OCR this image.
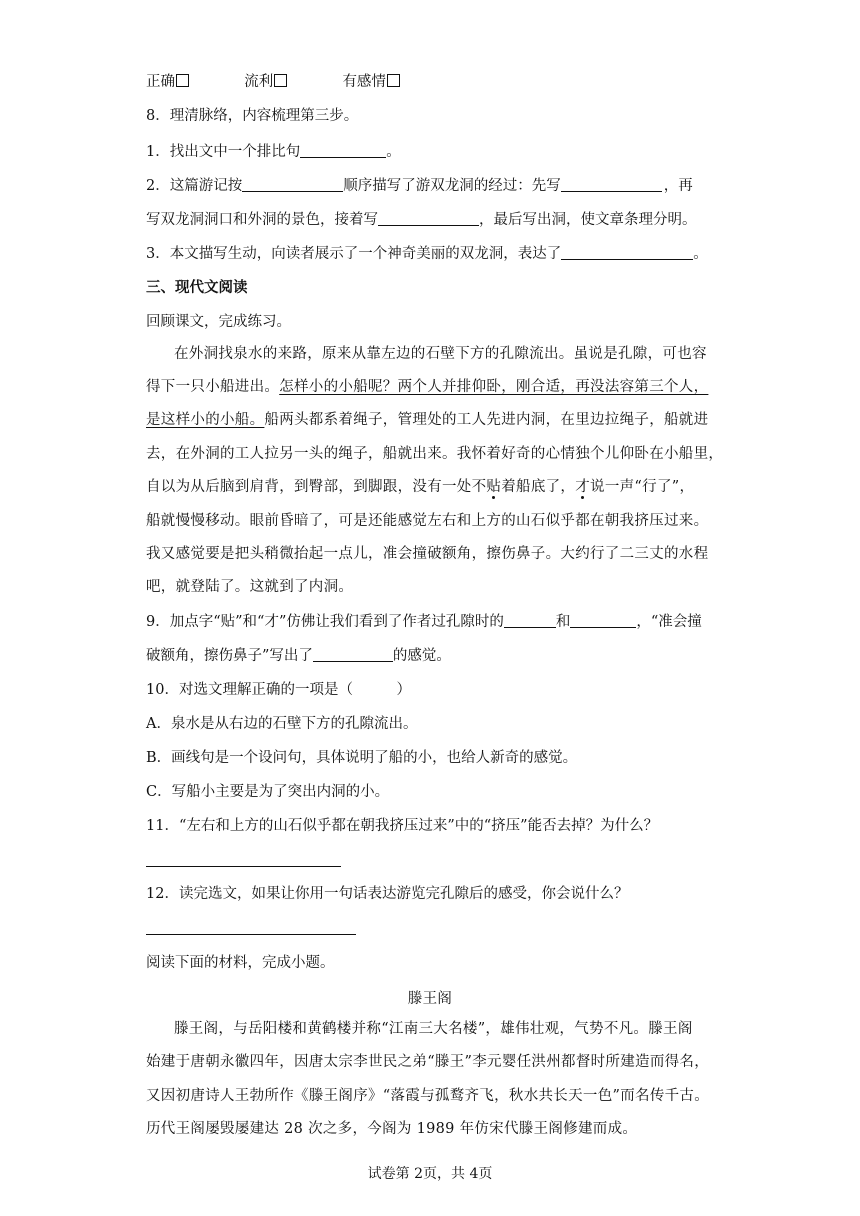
正确	流利	有感情
8．理清脉络，内容梳理第三步。
1．找出文中一个排比句	。
2．这篇游记按	顺序描写了游双龙洞的经过：先写	，再
写双龙洞洞口和外洞的景色，接着写	，最后写出洞，使文章条理分明。
3．本文描写生动，向读者展示了一个神奇美丽的双龙洞，表达了	。
三、现代文阅读
回顾课文，完成练习。
在外洞找泉水的来路，原来从靠左边的石壁下方的孔隙流出。虽说是孔隙，可也容
得下一只小船进出。怎样小的小船呢？两个人并排仰卧，刚合适，再没法容第三个人，
是这样小的小船。船两头都系着绳子，管理处的工人先进内洞，在里边拉绳子，船就进
去，在外洞的工人拉另一头的绳子，船就出来。我怀着好奇的心情独个儿仰卧在小船里，
自以为从后脑到肩背，到臀部，到脚跟，没有一处不贴着船底了，才说一声“行了”，
船就慢慢移动。眼前昏暗了，可是还能感觉左右和上方的山石似乎都在朝我挤压过来。
我又感觉要是把头稍微抬起一点儿，准会撞破额角，擦伤鼻子。大约行了二三丈的水程
吧，就登陆了。这就到了内洞。
9．加点字“贴”和“才”仿佛让我们看到了作者过孔隙时的	和	，“准会撞
破额角，擦伤鼻子”写出了	的感觉。
10．对选文理解正确的一项是（　　　）
A．泉水是从右边的石壁下方的孔隙流出。
B．画线句是一个设问句，具体说明了船的小，也给人新奇的感觉。
C．写船小主要是为了突出内洞的小。
11．“左右和上方的山石似乎都在朝我挤压过来”中的“挤压”能否去掉？为什么？
12．读完选文，如果让你用一句话表达游览完孔隙后的感受，你会说什么？
阅读下面的材料，完成小题。
滕王阁
滕王阁，与岳阳楼和黄鹤楼并称“江南三大名楼”，雄伟壮观，气势不凡。滕王阁
始建于唐朝永徽四年，因唐太宗李世民之弟“滕王”李元婴任洪州都督时所建造而得名，
又因初唐诗人王勃所作《滕王阁序》“落霞与孤鹜齐飞，秋水共长天一色”而名传千古。
历代王阁屡毁屡建达 28 次之多，今阁为 1989 年仿宋代滕王阁修建而成。
试卷第 2页，共 4页
